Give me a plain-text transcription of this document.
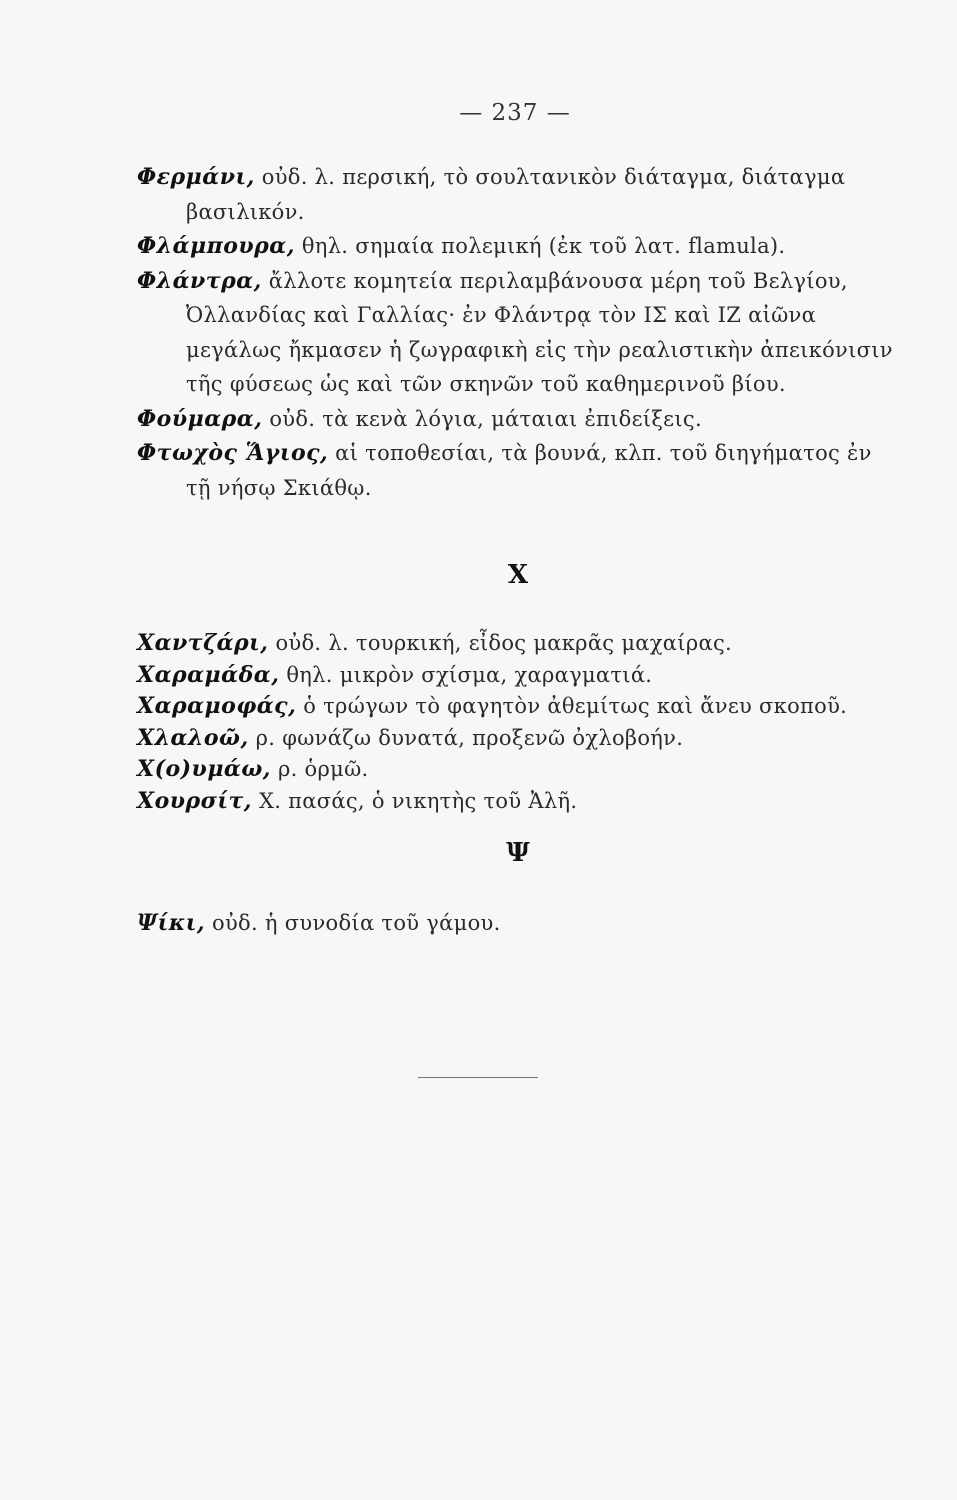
— 237 —

Φερμάνι, οὐδ. λ. περσική, τὸ σουλτανικὸν διάταγμα, διάταγμα βασιλικόν.

Φλάμπουρα, θηλ. σημαία πολεμική (ἐκ τοῦ λατ. flamula).

Φλάντρα, ἄλλοτε κομητεία περιλαμβάνουσα μέρη τοῦ Βελγίου, Ὀλλανδίας καὶ Γαλλίας· ἐν Φλάντρᾳ τὸν ΙΣ καὶ ΙΖ αἰῶνα μεγάλως ἤκμασεν ἡ ζωγραφικὴ εἰς τὴν ρεαλιστικὴν ἀπεικόνισιν τῆς φύσεως ὡς καὶ τῶν σκηνῶν τοῦ καθημερινοῦ βίου.

Φούμαρα, οὐδ. τὰ κενὰ λόγια, μάταιαι ἐπιδείξεις.

Φτωχὸς Ἅγιος, αἱ τοποθεσίαι, τὰ βουνά, κλπ. τοῦ διηγήματος ἐν τῇ νήσῳ Σκιάθῳ.

Χ

Χαντζάρι, οὐδ. λ. τουρκική, εἶδος μακρᾶς μαχαίρας.

Χαραμάδα, θηλ. μικρὸν σχίσμα, χαραγματιά.

Χαραμοφάς, ὁ τρώγων τὸ φαγητὸν ἀθεμίτως καὶ ἄνευ σκοποῦ.

Χλαλοῶ, ρ. φωνάζω δυνατά, προξενῶ ὀχλοβοήν.

Χ(ο)υμάω, ρ. ὁρμῶ.

Χουρσίτ, Χ. πασάς, ὁ νικητὴς τοῦ Ἀλῆ.

Ψ

Ψίκι, οὐδ. ἡ συνοδία τοῦ γάμου.
